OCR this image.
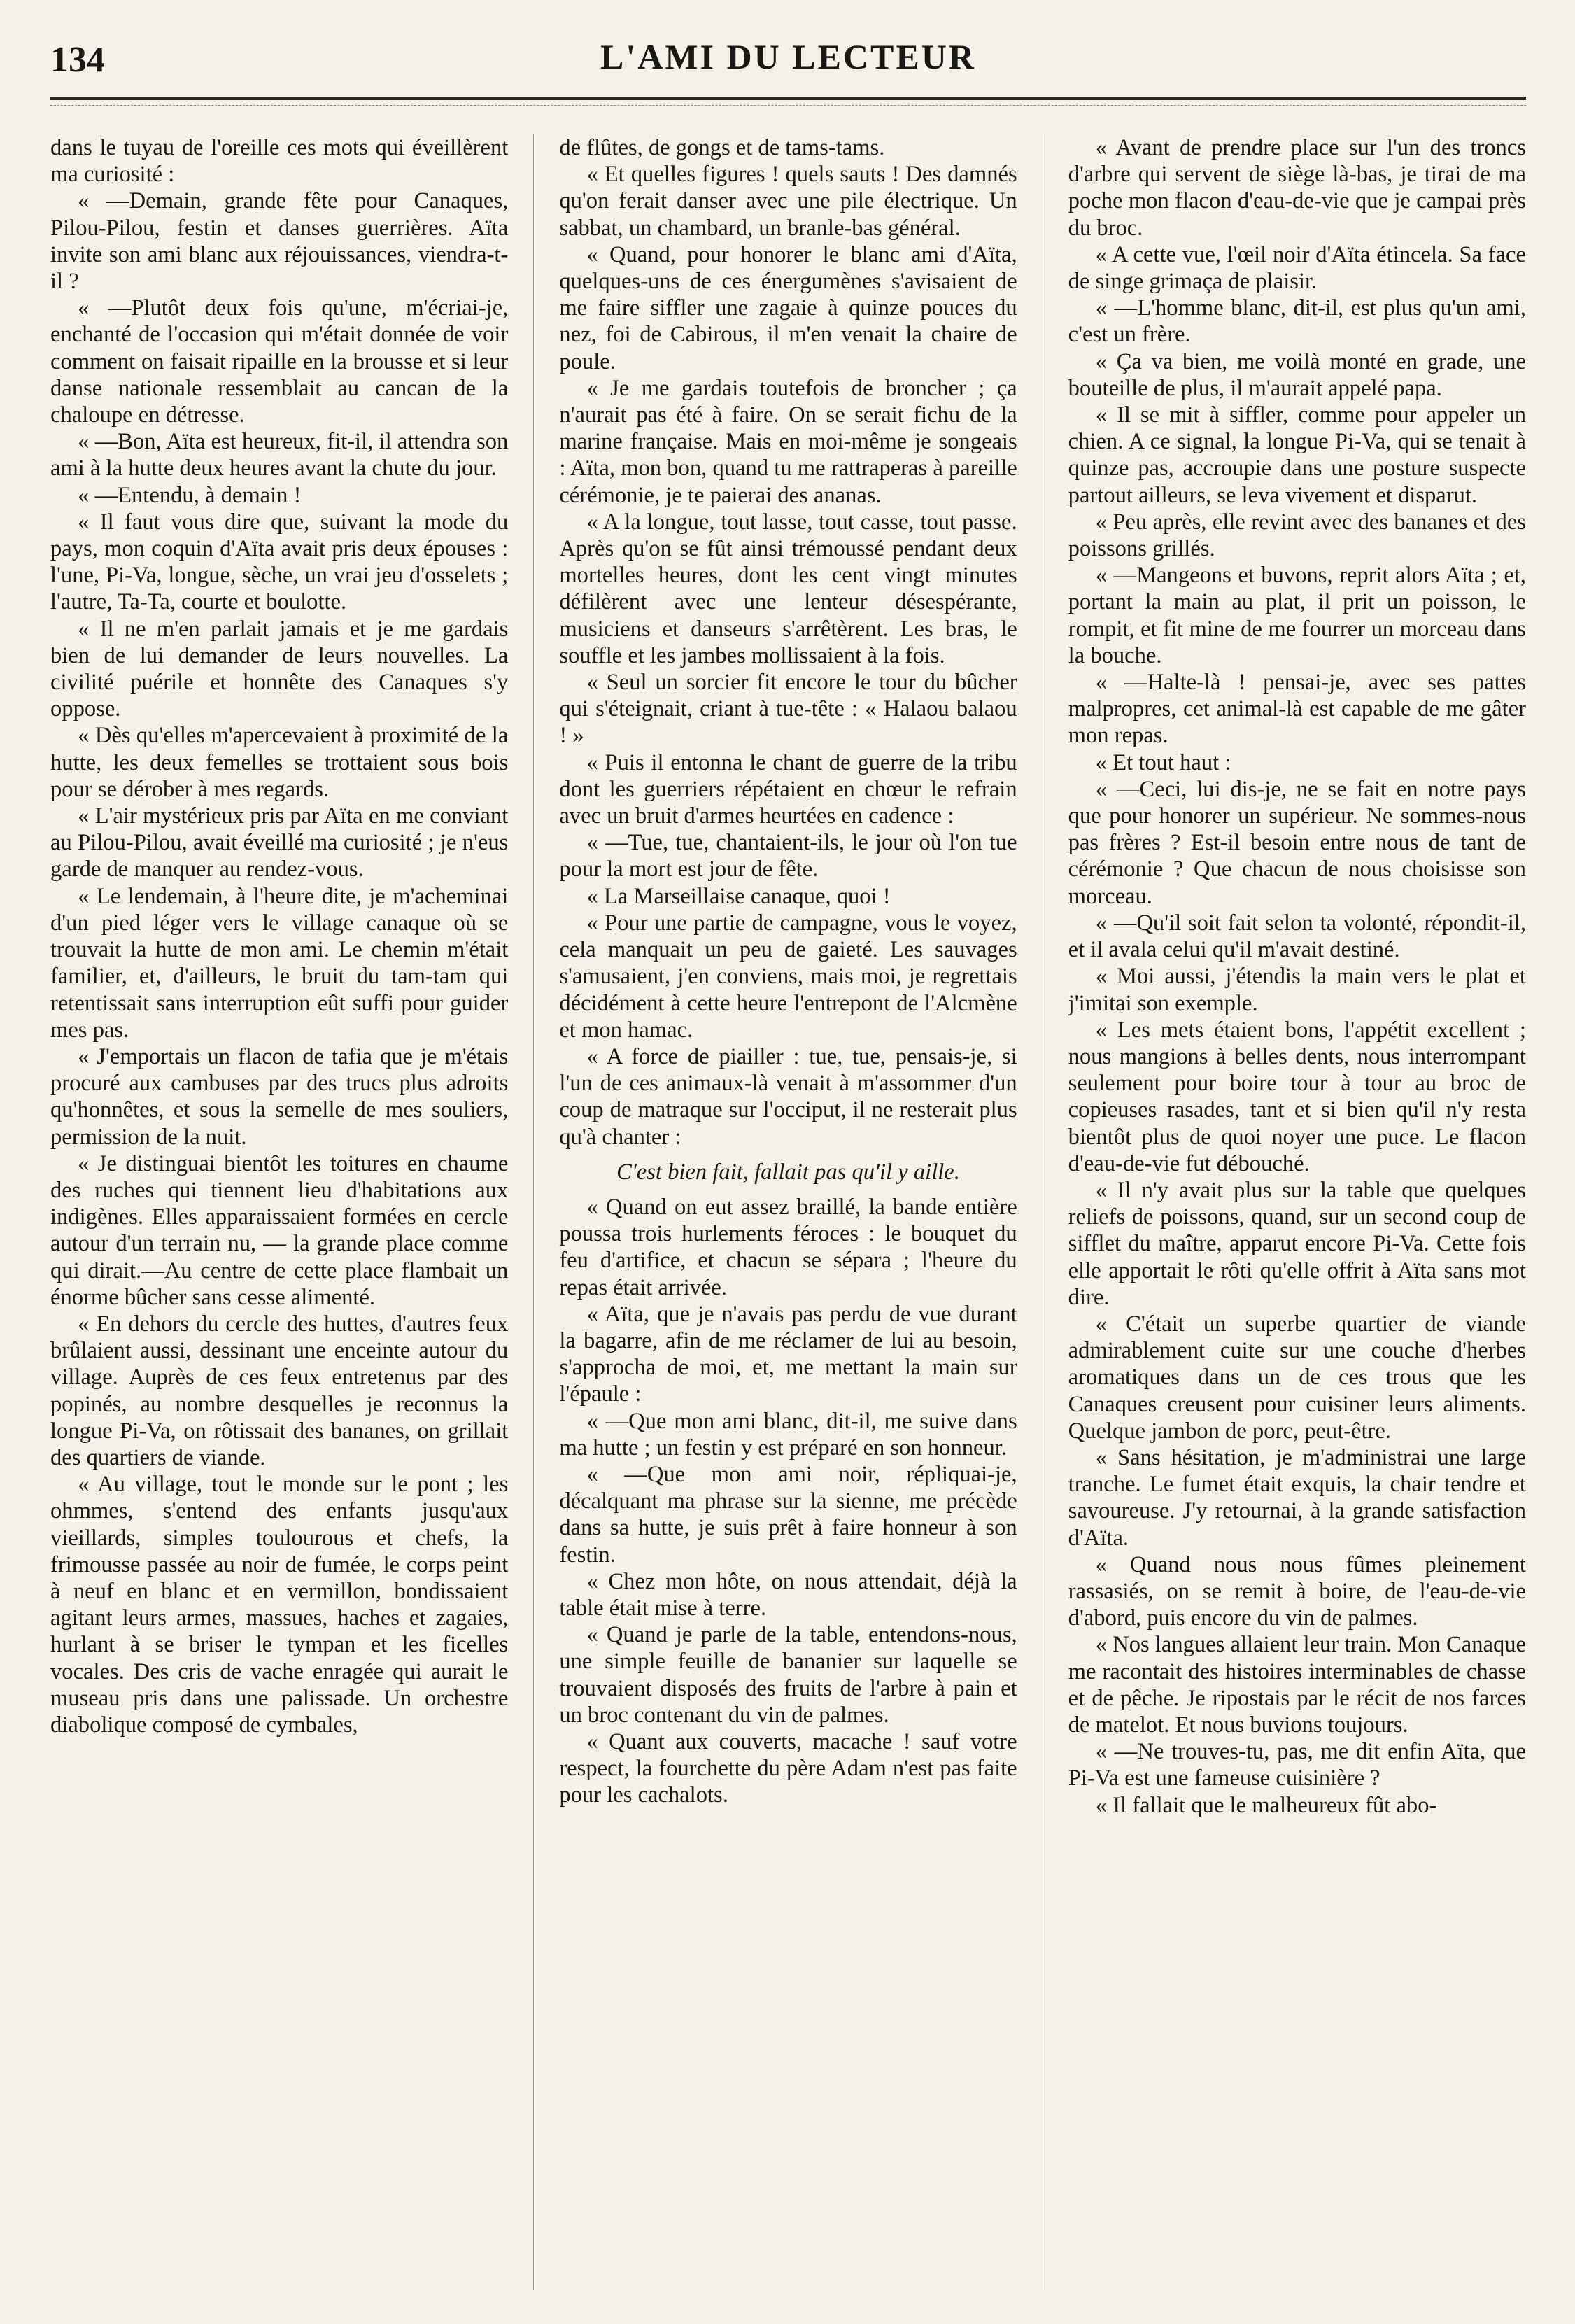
134	L'AMI DU LECTEUR

dans le tuyau de l'oreille ces mots qui éveillèrent ma curiosité :

« —Demain, grande fête pour Canaques, Pilou-Pilou, festin et danses guerrières. Aïta invite son ami blanc aux réjouissances, viendra-t-il ?

« —Plutôt deux fois qu'une, m'écriai-je, enchanté de l'occasion qui m'était donnée de voir comment on faisait ripaille en la brousse et si leur danse nationale ressemblait au cancan de la chaloupe en détresse.

« —Bon, Aïta est heureux, fit-il, il attendra son ami à la hutte deux heures avant la chute du jour.

« —Entendu, à demain !

« Il faut vous dire que, suivant la mode du pays, mon coquin d'Aïta avait pris deux épouses : l'une, Pi-Va, longue, sèche, un vrai jeu d'osselets ; l'autre, Ta-Ta, courte et boulotte.

« Il ne m'en parlait jamais et je me gardais bien de lui demander de leurs nouvelles. La civilité puérile et honnête des Canaques s'y oppose.

« Dès qu'elles m'apercevaient à proximité de la hutte, les deux femelles se trottaient sous bois pour se dérober à mes regards.

« L'air mystérieux pris par Aïta en me conviant au Pilou-Pilou, avait éveillé ma curiosité ; je n'eus garde de manquer au rendez-vous.

« Le lendemain, à l'heure dite, je m'acheminai d'un pied léger vers le village canaque où se trouvait la hutte de mon ami. Le chemin m'était familier, et, d'ailleurs, le bruit du tam-tam qui retentissait sans interruption eût suffi pour guider mes pas.

« J'emportais un flacon de tafia que je m'étais procuré aux cambuses par des trucs plus adroits qu'honnêtes, et sous la semelle de mes souliers, permission de la nuit.

« Je distinguai bientôt les toitures en chaume des ruches qui tiennent lieu d'habitations aux indigènes. Elles apparaissaient formées en cercle autour d'un terrain nu, — la grande place comme qui dirait.—Au centre de cette place flambait un énorme bûcher sans cesse alimenté.

« En dehors du cercle des huttes, d'autres feux brûlaient aussi, dessinant une enceinte autour du village. Auprès de ces feux entretenus par des popinés, au nombre desquelles je reconnus la longue Pi-Va, on rôtissait des bananes, on grillait des quartiers de viande.

« Au village, tout le monde sur le pont ; les ohmmes, s'entend des enfants jusqu'aux vieillards, simples toulourous et chefs, la frimousse passée au noir de fumée, le corps peint à neuf en blanc et en vermillon, bondissaient agitant leurs armes, massues, haches et zagaies, hurlant à se briser le tympan et les ficelles vocales. Des cris de vache enragée qui aurait le museau pris dans une palissade. Un orchestre diabolique composé de cymbales,

de flûtes, de gongs et de tams-tams.

« Et quelles figures ! quels sauts ! Des damnés qu'on ferait danser avec une pile électrique. Un sabbat, un chambard, un branle-bas général.

« Quand, pour honorer le blanc ami d'Aïta, quelques-uns de ces énergumènes s'avisaient de me faire siffler une zagaie à quinze pouces du nez, foi de Cabirous, il m'en venait la chaire de poule.

« Je me gardais toutefois de broncher ; ça n'aurait pas été à faire. On se serait fichu de la marine française. Mais en moi-même je songeais : Aïta, mon bon, quand tu me rattraperas à pareille cérémonie, je te paierai des ananas.

« A la longue, tout lasse, tout casse, tout passe. Après qu'on se fût ainsi trémoussé pendant deux mortelles heures, dont les cent vingt minutes défilèrent avec une lenteur désespérante, musiciens et danseurs s'arrêtèrent. Les bras, le souffle et les jambes mollissaient à la fois.

« Seul un sorcier fit encore le tour du bûcher qui s'éteignait, criant à tue-tête : « Halaou balaou ! »

« Puis il entonna le chant de guerre de la tribu dont les guerriers répétaient en chœur le refrain avec un bruit d'armes heurtées en cadence :

« —Tue, tue, chantaient-ils, le jour où l'on tue pour la mort est jour de fête.

« La Marseillaise canaque, quoi !

« Pour une partie de campagne, vous le voyez, cela manquait un peu de gaieté. Les sauvages s'amusaient, j'en conviens, mais moi, je regrettais décidément à cette heure l'entrepont de l'Alcmène et mon hamac.

« A force de piailler : tue, tue, pensais-je, si l'un de ces animaux-là venait à m'assommer d'un coup de matraque sur l'occiput, il ne resterait plus qu'à chanter :

C'est bien fait, fallait pas qu'il y aille.

« Quand on eut assez braillé, la bande entière poussa trois hurlements féroces : le bouquet du feu d'artifice, et chacun se sépara ; l'heure du repas était arrivée.

« Aïta, que je n'avais pas perdu de vue durant la bagarre, afin de me réclamer de lui au besoin, s'approcha de moi, et, me mettant la main sur l'épaule :

« —Que mon ami blanc, dit-il, me suive dans ma hutte ; un festin y est préparé en son honneur.

« —Que mon ami noir, répliquai-je, décalquant ma phrase sur la sienne, me précède dans sa hutte, je suis prêt à faire honneur à son festin.

« Chez mon hôte, on nous attendait, déjà la table était mise à terre.

« Quand je parle de la table, entendons-nous, une simple feuille de bananier sur laquelle se trouvaient disposés des fruits de l'arbre à pain et un broc contenant du vin de palmes.

« Quant aux couverts, macache ! sauf votre respect, la fourchette du père Adam n'est pas faite pour les cachalots.

« Avant de prendre place sur l'un des troncs d'arbre qui servent de siège là-bas, je tirai de ma poche mon flacon d'eau-de-vie que je campai près du broc.

« A cette vue, l'œil noir d'Aïta étincela. Sa face de singe grimaça de plaisir.

« —L'homme blanc, dit-il, est plus qu'un ami, c'est un frère.

« Ça va bien, me voilà monté en grade, une bouteille de plus, il m'aurait appelé papa.

« Il se mit à siffler, comme pour appeler un chien. A ce signal, la longue Pi-Va, qui se tenait à quinze pas, accroupie dans une posture suspecte partout ailleurs, se leva vivement et disparut.

« Peu après, elle revint avec des bananes et des poissons grillés.

« —Mangeons et buvons, reprit alors Aïta ; et, portant la main au plat, il prit un poisson, le rompit, et fit mine de me fourrer un morceau dans la bouche.

« —Halte-là ! pensai-je, avec ses pattes malpropres, cet animal-là est capable de me gâter mon repas.

« Et tout haut :

« —Ceci, lui dis-je, ne se fait en notre pays que pour honorer un supérieur. Ne sommes-nous pas frères ? Est-il besoin entre nous de tant de cérémonie ? Que chacun de nous choisisse son morceau.

« —Qu'il soit fait selon ta volonté, répondit-il, et il avala celui qu'il m'avait destiné.

« Moi aussi, j'étendis la main vers le plat et j'imitai son exemple.

« Les mets étaient bons, l'appétit excellent ; nous mangions à belles dents, nous interrompant seulement pour boire tour à tour au broc de copieuses rasades, tant et si bien qu'il n'y resta bientôt plus de quoi noyer une puce. Le flacon d'eau-de-vie fut débouché.

« Il n'y avait plus sur la table que quelques reliefs de poissons, quand, sur un second coup de sifflet du maître, apparut encore Pi-Va. Cette fois elle apportait le rôti qu'elle offrit à Aïta sans mot dire.

« C'était un superbe quartier de viande admirablement cuite sur une couche d'herbes aromatiques dans un de ces trous que les Canaques creusent pour cuisiner leurs aliments. Quelque jambon de porc, peut-être.

« Sans hésitation, je m'administrai une large tranche. Le fumet était exquis, la chair tendre et savoureuse. J'y retournai, à la grande satisfaction d'Aïta.

« Quand nous nous fûmes pleinement rassasiés, on se remit à boire, de l'eau-de-vie d'abord, puis encore du vin de palmes.

« Nos langues allaient leur train. Mon Canaque me racontait des histoires interminables de chasse et de pêche. Je ripostais par le récit de nos farces de matelot. Et nous buvions toujours.

« —Ne trouves-tu, pas, me dit enfin Aïta, que Pi-Va est une fameuse cuisinière ?

« Il fallait que le malheureux fût abo-
